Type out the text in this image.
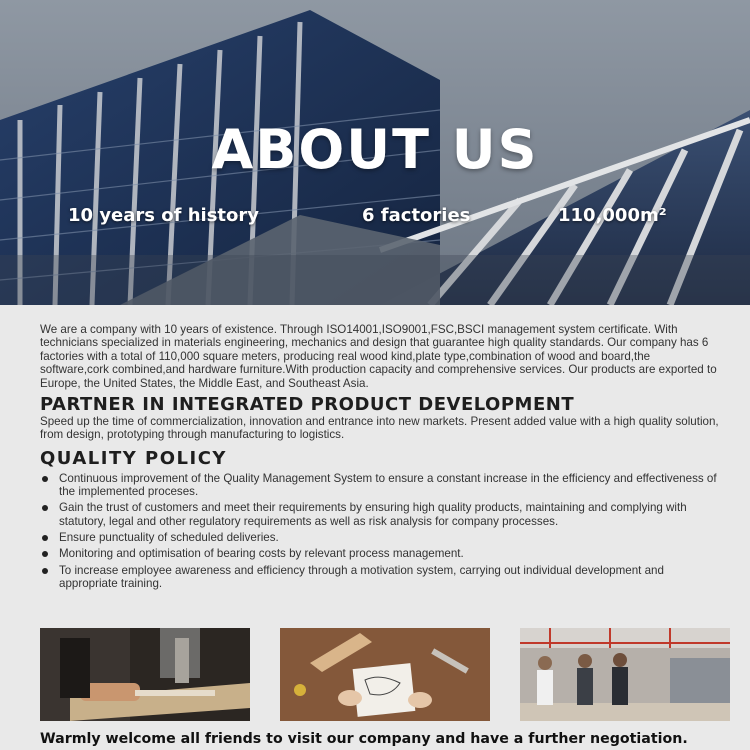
ABOUT US
10 years of history	6 factories	110,000m²

We are a company with 10 years of existence. Through ISO14001,ISO9001,FSC,BSCI management system certificate. With technicians specialized in materials engineering, mechanics and design that guarantee high quality standards. Our company has 6 factories with a total of 110,000 square meters, producing real wood kind,plate type,combination of wood and board,the software,cork combined,and hardware furniture.With production capacity and comprehensive services. Our products are exported to Europe, the United States, the Middle East, and Southeast Asia.

PARTNER IN INTEGRATED PRODUCT DEVELOPMENT

Speed up the time of commercialization, innovation and entrance into new markets. Present added value with a high quality solution, from design, prototyping through manufacturing to logistics.

QUALITY POLICY
Continuous improvement of the Quality Management System to ensure a constant increase in the efficiency and effectiveness of the implemented proceses.
Gain the trust of customers and meet their requirements by ensuring high quality products, maintaining and complying with statutory, legal and other regulatory requirements as well as risk analysis for company processes.
Ensure punctuality of scheduled deliveries.
Monitoring and optimisation of bearing costs by relevant process management.
To increase employee awareness and efficiency through a motivation system, carrying out individual development and appropriate training.
Warmly welcome all friends to visit our company and have a further negotiation.
